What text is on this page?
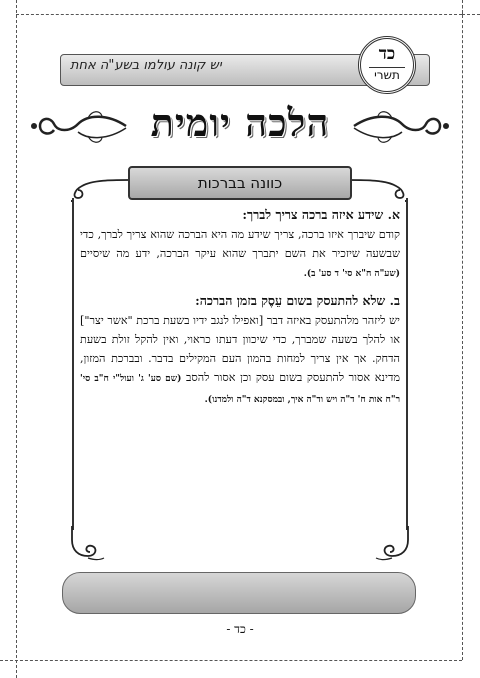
יש קונה עולמו בשע"ה אחת
כד
תשרי
הלכה יומית
כוונה בברכות
א. שידע איזה ברכה צריך לברך:
קודם שיברך איזו ברכה, צריך שידע מה היא הברכה שהוא צריך לברך, כדי שבשעה שיזכיר את השם יתברך שהוא עיקר הברכה, ידע מה שיסיים (שע"ה ח"א סי' ד סע' ב).
ב. שלא להתעסק בשום עֵסֶק בזמן הברכה:
יש ליזהר מלהתעסק באיזה דבר [ואפילו לנגב ידיו בשעת ברכת "אשר יצר"] או להלך בשעה שמברך, כדי שיכוון דעתו כראוי, ואין להקל זולת בשעת הדחק. אך אין צריך למחות בהמון העם המקילים בדבר. ובברכת המזון, מדינא אסור להתעסק בשום עסק וכן אסור להסב (שם סע' ג' ועול"י ח"ב סי' ר"ח אות ח' ד"ה ויש וד"ה איך, ובמסקנא ד"ה ולמדנו).
- כד -
